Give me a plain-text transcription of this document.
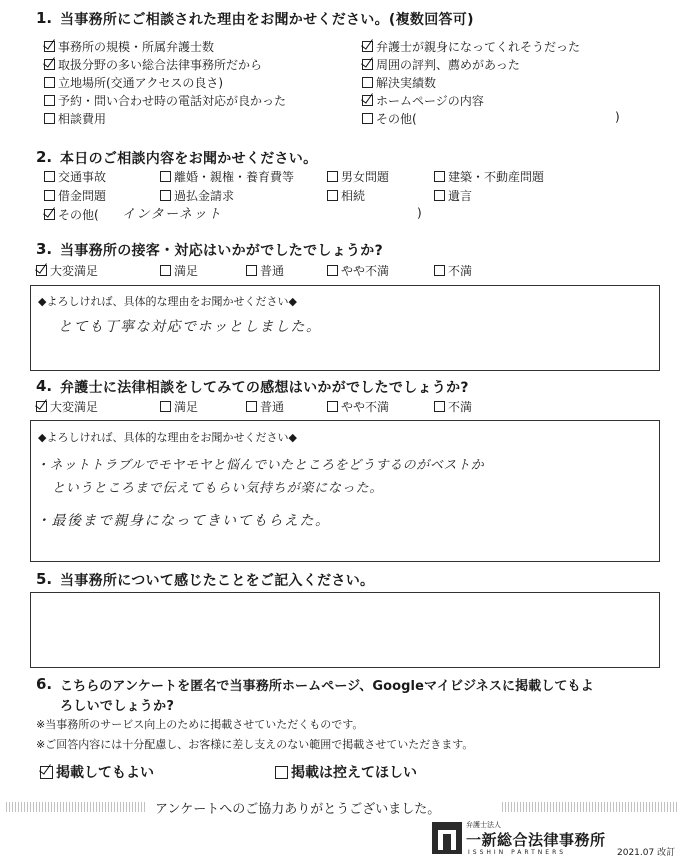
1. 当事務所にご相談された理由をお聞かせください。(複数回答可)
事務所の規模・所属弁護士数	弁護士が親身になってくれそうだった
取扱分野の多い総合法律事務所だから	周囲の評判、薦めがあった
立地場所(交通アクセスの良さ)	解決実績数
予約・問い合わせ時の電話対応が良かった	ホームページの内容
相談費用	その他(	)
2. 本日のご相談内容をお聞かせください。
交通事故	離婚・親権・養育費等	男女問題	建築・不動産問題
借金問題	過払金請求	相続	遺言
その他( インターネット	)
3. 当事務所の接客・対応はいかがでしたでしょうか?
大変満足	満足	普通	やや不満	不満
◆よろしければ、具体的な理由をお聞かせください◆
とても丁寧な対応でホッとしました。
4. 弁護士に法律相談をしてみての感想はいかがでしたでしょうか?
大変満足	満足	普通	やや不満	不満
◆よろしければ、具体的な理由をお聞かせください◆
・ネットトラブルでモヤモヤと悩んでいたところをどうするのがベストか
というところまで伝えてもらい気持ちが楽になった。
・最後まで親身になってきいてもらえた。
5. 当事務所について感じたことをご記入ください。
6. こちらのアンケートを匿名で当事務所ホームページ、Googleマイビジネスに掲載してもよ
ろしいでしょうか?
※当事務所のサービス向上のために掲載させていただくものです。
※ご回答内容には十分配慮し、お客様に差し支えのない範囲で掲載させていただきます。
掲載してもよい	掲載は控えてほしい
アンケートへのご協力ありがとうございました。
弁護士法人
一新総合法律事務所
ISSHIN PARTNERS	2021.07 改訂
